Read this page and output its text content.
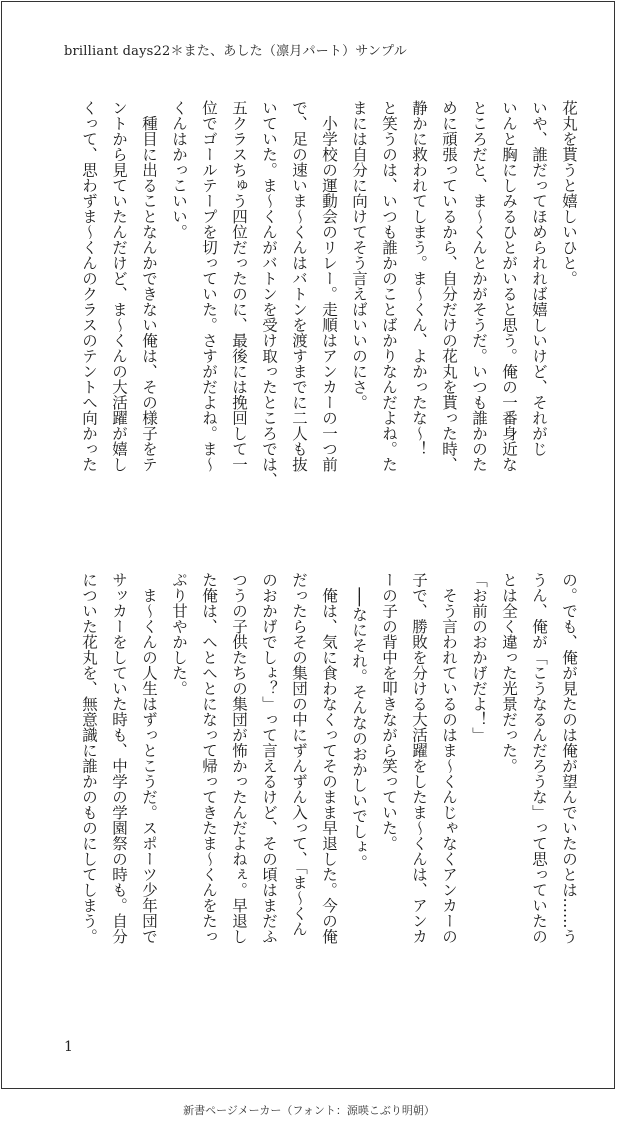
brilliant days22＊また、あした（凛月パート）サンプル
花丸を貰うと嬉しいひと。
いや、誰だってほめられれば嬉しいけど、それがじ
いんと胸にしみるひとがいると思う。俺の一番身近な
ところだと、ま〜くんとかがそうだ。いつも誰かのた
めに頑張っているから、自分だけの花丸を貰った時、
静かに救われてしまう。ま〜くん、よかったな〜！
と笑うのは、いつも誰かのことばかりなんだよね。た
まには自分に向けてそう言えばいいのにさ。
　小学校の運動会のリレー。走順はアンカーの一つ前
で、足の速いま〜くんはバトンを渡すまでに二人も抜
いていた。ま〜くんがバトンを受け取ったところでは、
五クラスちゅう四位だったのに、最後には挽回して一
位でゴールテープを切っていた。さすがだよね。ま〜
くんはかっこいい。
　種目に出ることなんかできない俺は、その様子をテ
ントから見ていたんだけど、ま〜くんの大活躍が嬉し
くって、思わずま〜くんのクラスのテントへ向かった
の。でも、俺が見たのは俺が望んでいたのとは……う
うん、俺が「こうなるんだろうな」って思っていたの
とは全く違った光景だった。
「お前のおかげだよ！」
　そう言われているのはま〜くんじゃなくアンカーの
子で、勝敗を分ける大活躍をしたま〜くんは、アンカ
ーの子の背中を叩きながら笑っていた。
　──なにそれ。そんなのおかしいでしょ。
　俺は、気に食わなくってそのまま早退した。今の俺
だったらその集団の中にずんずん入って、「ま〜くん
のおかげでしょ？」って言えるけど、その頃はまだふ
つうの子供たちの集団が怖かったんだよねぇ。早退し
た俺は、へとへとになって帰ってきたま〜くんをたっ
ぷり甘やかした。
　ま〜くんの人生はずっとこうだ。スポーツ少年団で
サッカーをしていた時も、中学の学園祭の時も。自分
についた花丸を、無意識に誰かのものにしてしまう。
1
新書ページメーカー（フォント：源暎こぶり明朝）
